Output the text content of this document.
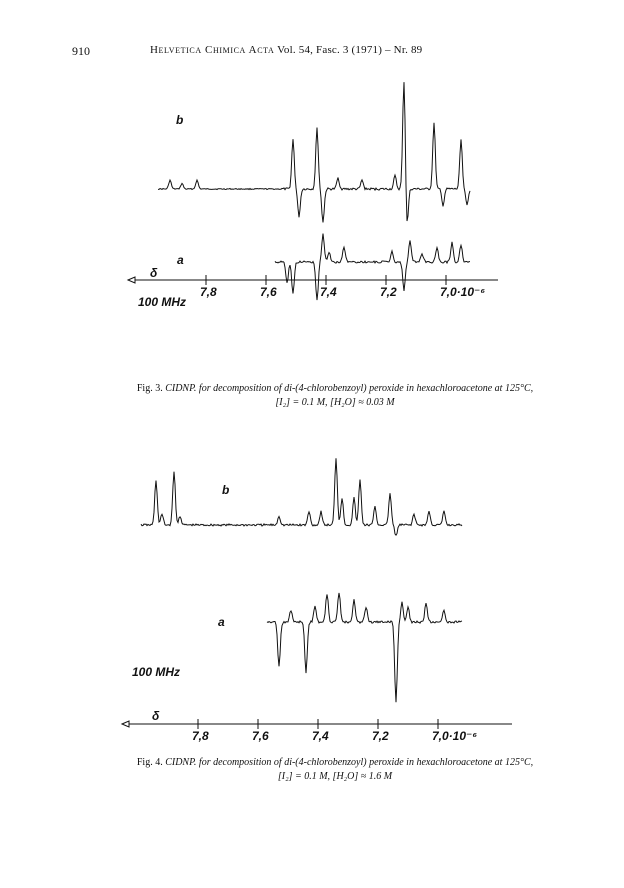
910	Helvetica Chimica Acta Vol. 54, Fasc. 3 (1971) – Nr. 89
b
a
100 MHz
δ
7,8	7,6	7,4	7,2	7,0·10⁻⁶
Fig. 3. CIDNP. for decomposition of di-(4-chlorobenzoyl) peroxide in hexachloroacetone at 125°C,
[I₂] = 0.1 M, [H₂O] ≈ 0.03 M
b
a
100 MHz
δ
7,8	7,6	7,4	7,2	7,0·10⁻⁶
Fig. 4. CIDNP. for decomposition of di-(4-chlorobenzoyl) peroxide in hexachloroacetone at 125°C,
[I₂] = 0.1 M, [H₂O] ≈ 1.6 M
